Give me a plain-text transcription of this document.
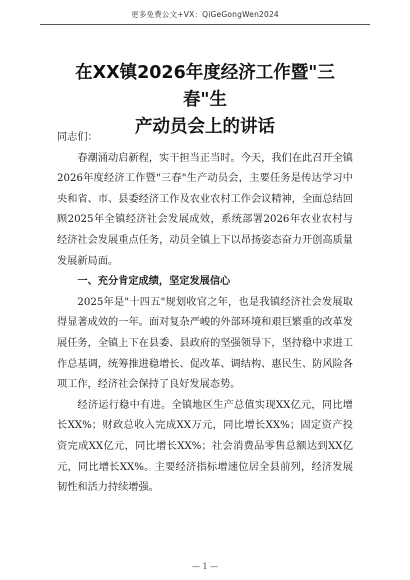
更多免费公文+VX：QiGeGongWen2024
在XX镇2026年度经济工作暨"三春"生
产动员会上的讲话

同志们：

春潮涌动启新程，实干担当正当时。今天，我们在此召开全镇2026年度经济工作暨"三春"生产动员会，主要任务是传达学习中央和省、市、县委经济工作及农业农村工作会议精神，全面总结回顾2025年全镇经济社会发展成效，系统部署2026年农业农村与经济社会发展重点任务，动员全镇上下以昂扬姿态奋力开创高质量发展新局面。

一、充分肯定成绩，坚定发展信心

2025年是"十四五"规划收官之年，也是我镇经济社会发展取得显著成效的一年。面对复杂严峻的外部环境和艰巨繁重的改革发展任务，全镇上下在县委、县政府的坚强领导下，坚持稳中求进工作总基调，统筹推进稳增长、促改革、调结构、惠民生、防风险各项工作，经济社会保持了良好发展态势。

经济运行稳中有进。全镇地区生产总值实现XX亿元，同比增长XX%；财政总收入完成XX万元，同比增长XX%；固定资产投资完成XX亿元，同比增长XX%；社会消费品零售总额达到XX亿元，同比增长XX%。主要经济指标增速位居全县前列，经济发展韧性和活力持续增强。

— 1 —
